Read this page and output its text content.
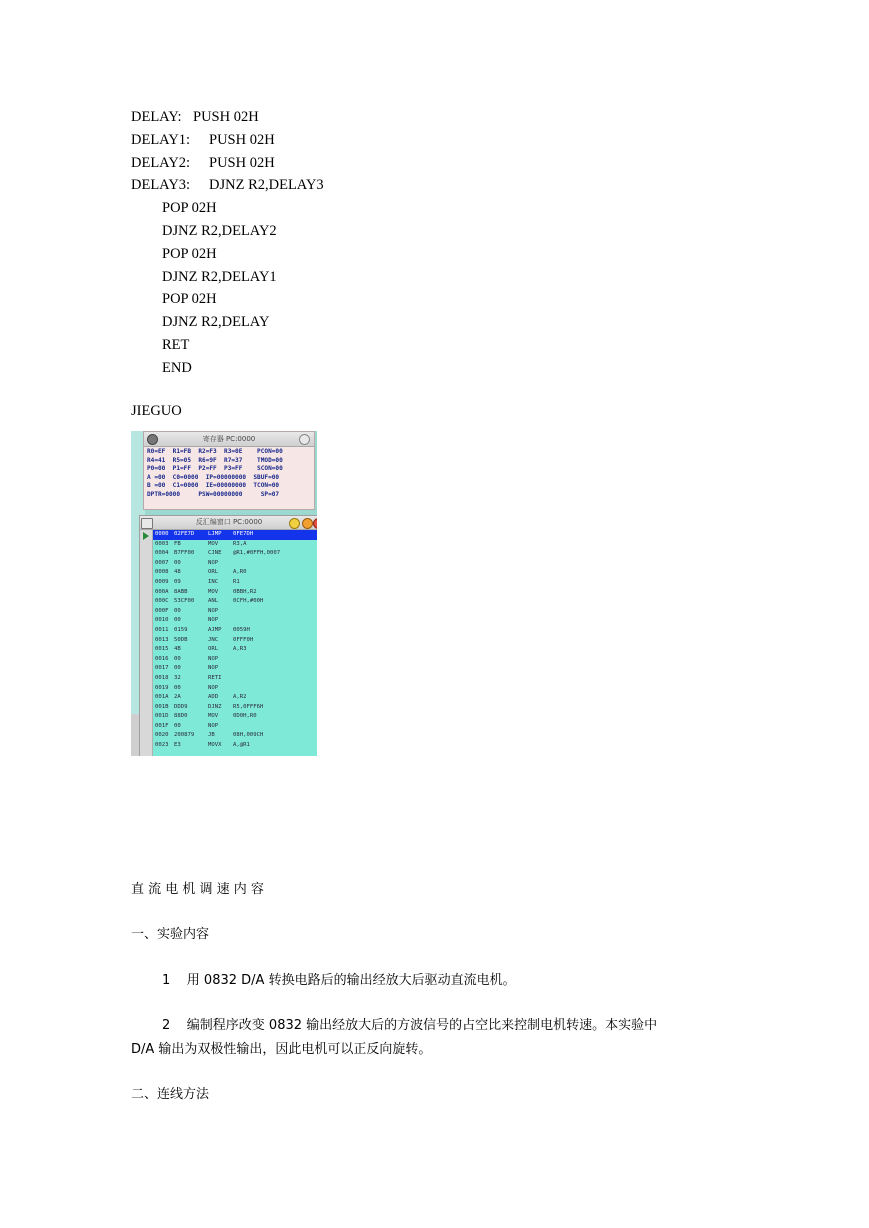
DELAY: PUSH 02H
DELAY1: PUSH 02H
DELAY2: PUSH 02H
DELAY3: DJNZ R2,DELAY3
POP 02H
DJNZ R2,DELAY2
POP 02H
DJNZ R2,DELAY1
POP 02H
DJNZ R2,DELAY
RET
END
JIEGUO
寄存器 PC:0000
R0=EF  R1=FB  R2=F3  R3=0E    PCON=00
R4=41  R5=05  R6=9F  R7=37    TMOD=00
P0=00  P1=FF  P2=FF  P3=FF    SCON=00
A =00  C0=0000  IP=00000000  SBUF=00
B =00  C1=0000  IE=00000000  TCON=00
DPTR=0000     PSW=00000000     SP=07
反汇编窗口 PC:0000
0000 02FE7D LJMP 0FE7DH
0003 FB	MOV	R3,A
0004 B7FF00 CJNE @R1,#0FFH,0007
0007 00	NOP
0008 48	ORL	A,R0
0009 09	INC	R1
000A 8ABB	MOV	0BBH,R2
000C 53CF00 ANL	0CFH,#00H
000F 00	NOP
0010 00	NOP
0011 0159	AJMP 0059H
0013 50DB	JNC	0FFF0H
0015 4B	ORL	A,R3
0016 00	NOP
0017 00	NOP
0018 32	RETI
0019 00	NOP
001A 2A	ADD	A,R2
001B DDD9	DJNZ R5,0FFF6H
001D 88D0	MOV	0D0H,R0
001F 00	NOP
0020 200879 JB	08H,009CH
0023 E3	MOVX A,@R1
直 流 电 机 调 速 内 容
一、实验内容
1    用 0832 D/A 转换电路后的输出经放大后驱动直流电机。
2    编制程序改变 0832 输出经放大后的方波信号的占空比来控制电机转速。本实验中
D/A 输出为双极性输出，因此电机可以正反向旋转。
二、连线方法
